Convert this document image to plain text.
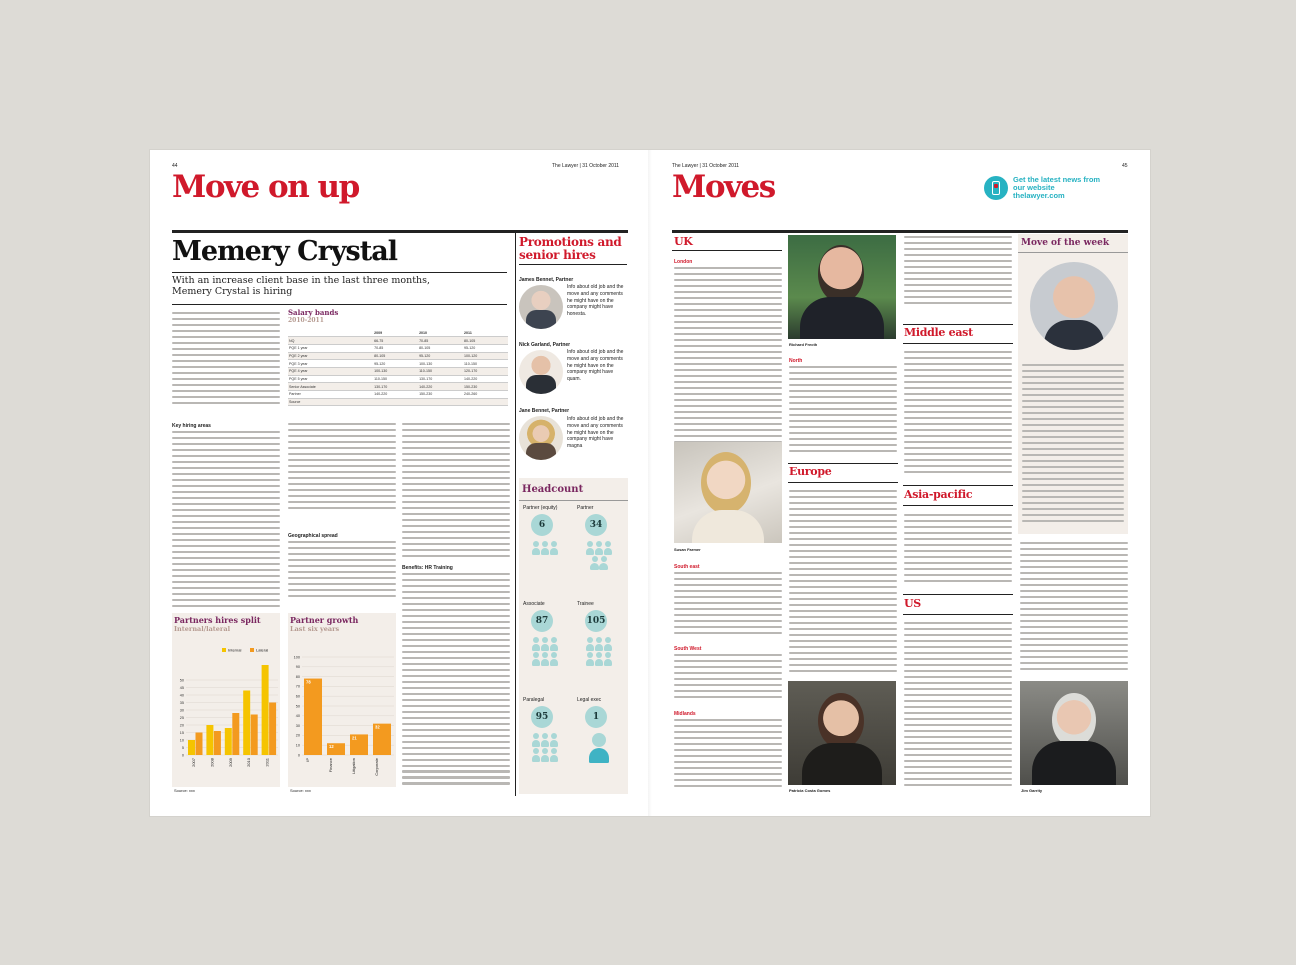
44	The Lawyer | 31 October 2011
Move on up
Memery Crystal
With an increase client base in the last three months, Memery Crystal is hiring
Salary bands
2010-2011
	2009	2010	2011
NQ	66-75	70-85	80-105
PQE 1 year	70-85	80-105	95-120
PQE 2 year	80-105	95-120	100-120
PQE 3 year	95-120	100-130	110-150
PQE 4 year	100-130	110-150	120-170
PQE 5 year	110-150	130-170	140-220
Senior Associate	130-170	140-220	150-230
Partner	140-220	150-230	240-260
Source			
Key hiring areas
Geographical spread
Benefits: HR Training
Partners hires split
Internal/lateral
0
5
10
15
20
25
30
35
40
45
50
Internal	Lateral
2007	2008	2009	2010	2011
Source: xxx
Partner growth
Last six years
0
10
20
30
40
50
60
70
80
90
100
78
IP
12
Finance
21
Litigation
32
Corporate
Source: xxx
Promotions and senior hires
James Bennet, Partner
Info about old job and the move and any comments he might have on the company might have honesta.
Nick Garland, Partner
Info about old job and the move and any comments he might have on the company might have quam.
Jane Bennet, Partner
Info about old job and the move and any comments he might have on the company might have magna
Headcount
Partner (equity)
6
Partner
34
Associate
87
Trainee
105
Paralegal
95
Legal exec
1
The Lawyer | 31 October 2011	45
Moves	Get the latest news from our website thelawyer.com
UK
London
Susan Farmer
South east
South West
Midlands
Richard Frecth
North
Europe
Patricia Costa Gomes
Middle east
Asia-pacific
US
Move of the week
Jim Garrity
